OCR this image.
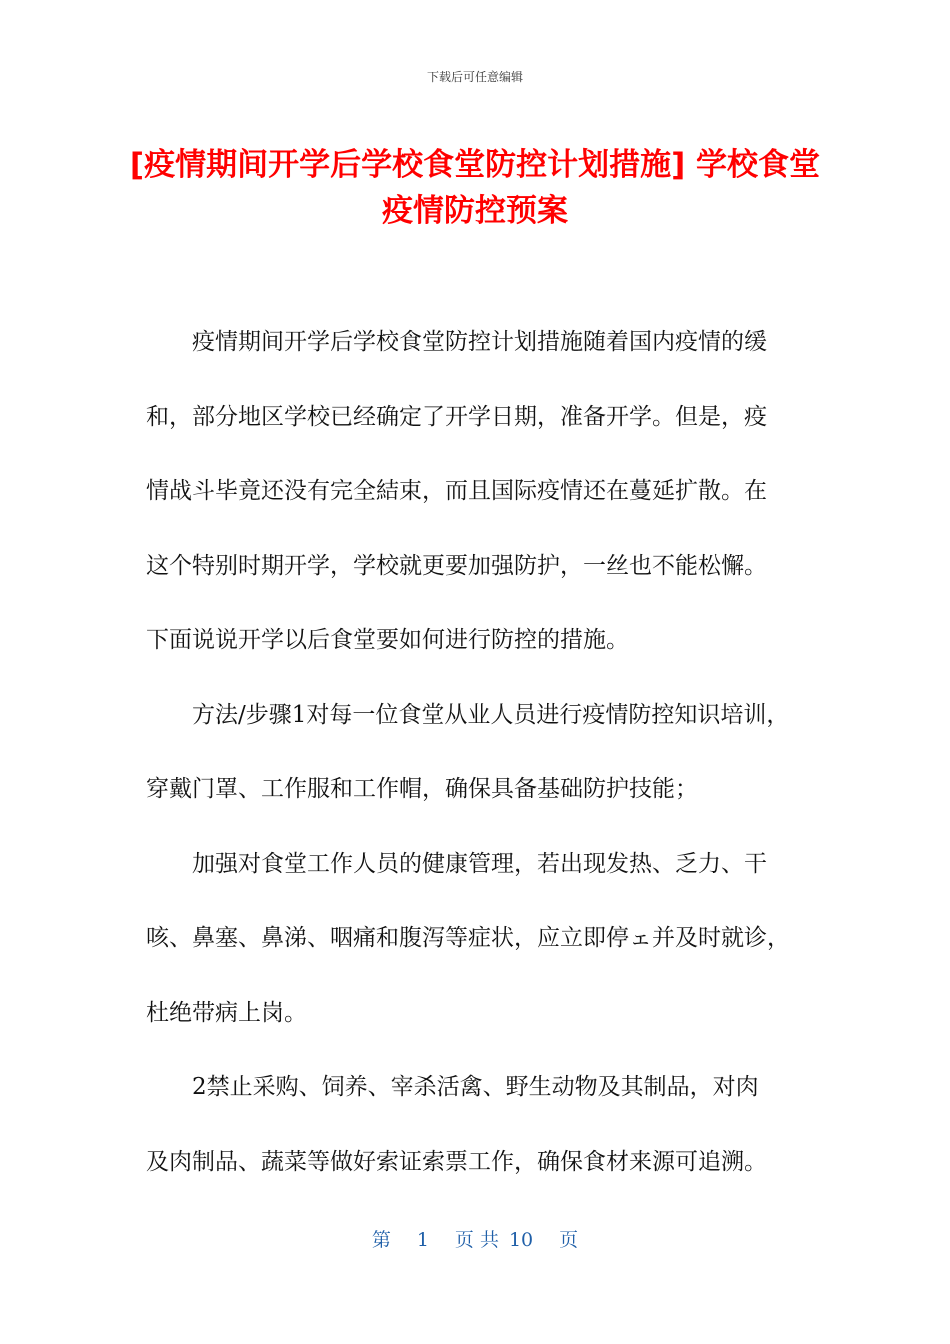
下载后可任意编辑
[疫情期间开学后学校食堂防控计划措施] 学校食堂疫情防控预案
疫情期间开学后学校食堂防控计划措施随着国内疫情的缓
和，部分地区学校已经确定了开学日期，准备开学。但是，疫
情战斗毕竟还没有完全結束，而且国际疫情还在蔓延扩散。在
这个特别时期开学，学校就更要加强防护，一丝也不能松懈。
下面说说开学以后食堂要如何进行防控的措施。
方法/步骤1对每一位食堂从业人员进行疫情防控知识培训，
穿戴门罩、工作服和工作帽，确保具备基础防护技能；
加强对食堂工作人员的健康管理，若出现发热、乏力、干
咳、鼻塞、鼻涕、咽痛和腹泻等症状，应立即停ェ并及时就诊，
杜绝带病上岗。
2禁止采购、饲养、宰杀活禽、野生动物及其制品，对肉
及肉制品、蔬菜等做好索证索票工作，确保食材来源可追溯。
第 1 页 共 10 页
